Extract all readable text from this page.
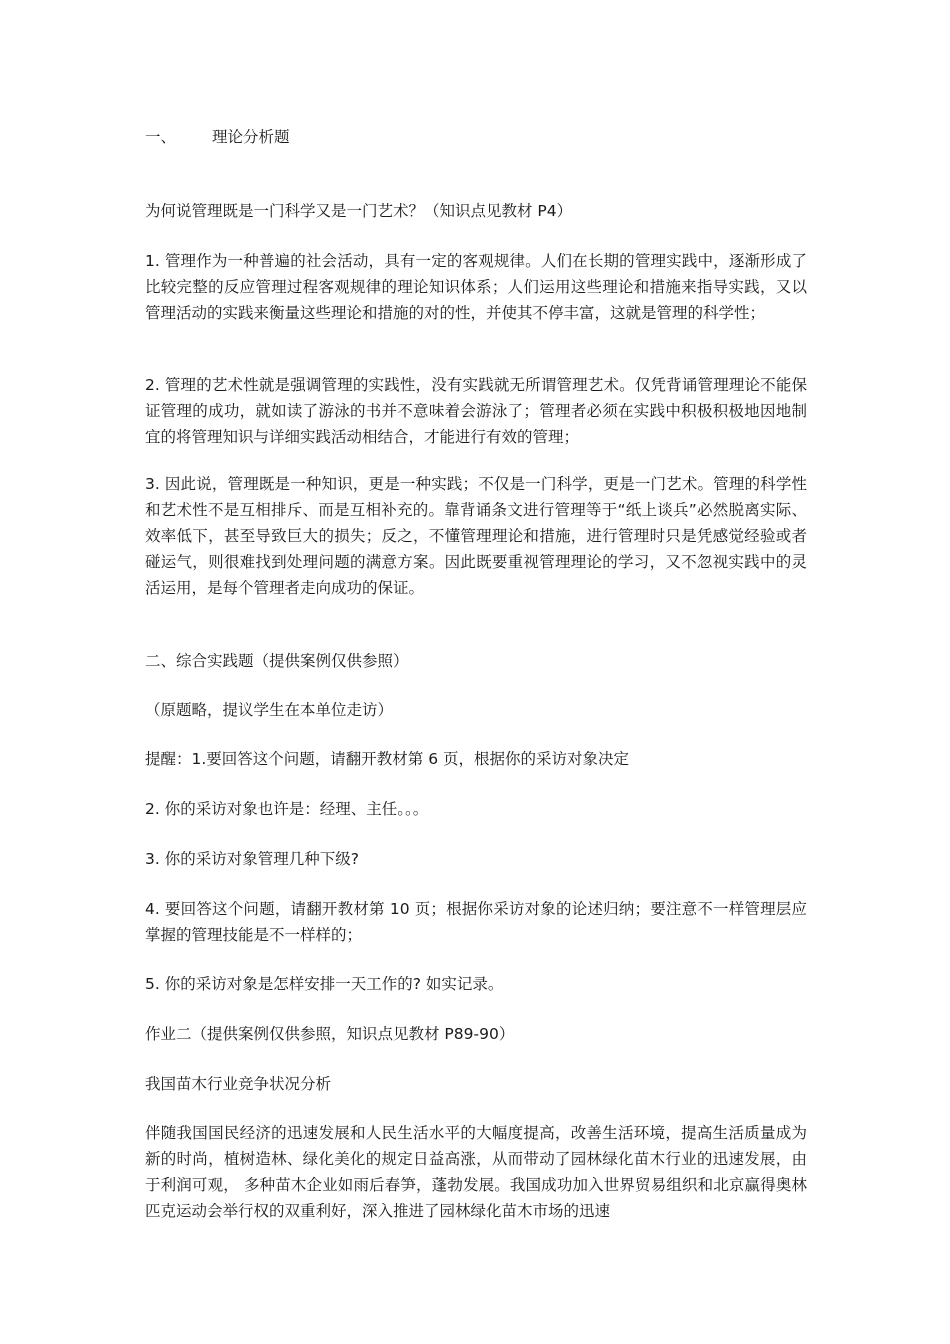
一、	理论分析题

为何说管理既是一门科学又是一门艺术？（知识点见教材 P4）

1. 管理作为一种普遍的社会活动，具有一定的客观规律。人们在长期的管理实践中，逐渐形成了比较完整的反应管理过程客观规律的理论知识体系；人们运用这些理论和措施来指导实践，又以管理活动的实践来衡量这些理论和措施的对的性，并使其不停丰富，这就是管理的科学性；

2. 管理的艺术性就是强调管理的实践性，没有实践就无所谓管理艺术。仅凭背诵管理理论不能保证管理的成功，就如读了游泳的书并不意味着会游泳了；管理者必须在实践中积极积极地因地制宜的将管理知识与详细实践活动相结合，才能进行有效的管理；

3. 因此说，管理既是一种知识，更是一种实践；不仅是一门科学，更是一门艺术。管理的科学性和艺术性不是互相排斥、而是互相补充的。靠背诵条文进行管理等于“纸上谈兵”必然脱离实际、效率低下，甚至导致巨大的损失；反之，不懂管理理论和措施，进行管理时只是凭感觉经验或者碰运气，则很难找到处理问题的满意方案。因此既要重视管理理论的学习，又不忽视实践中的灵活运用，是每个管理者走向成功的保证。

二、综合实践题（提供案例仅供参照）

（原题略，提议学生在本单位走访）

提醒：1.要回答这个问题，请翻开教材第 6 页，根据你的采访对象决定

2. 你的采访对象也许是：经理、主任。。。

3. 你的采访对象管理几种下级?

4. 要回答这个问题，请翻开教材第 10 页；根据你采访对象的论述归纳；要注意不一样管理层应掌握的管理技能是不一样样的；

5. 你的采访对象是怎样安排一天工作的? 如实记录。

作业二（提供案例仅供参照，知识点见教材 P89-90）

我国苗木行业竞争状况分析

伴随我国国民经济的迅速发展和人民生活水平的大幅度提高，改善生活环境，提高生活质量成为新的时尚，植树造林、绿化美化的规定日益高涨，从而带动了园林绿化苗木行业的迅速发展，由于利润可观， 多种苗木企业如雨后春笋，蓬勃发展。我国成功加入世界贸易组织和北京赢得奥林匹克运动会举行权的双重利好，深入推进了园林绿化苗木市场的迅速
